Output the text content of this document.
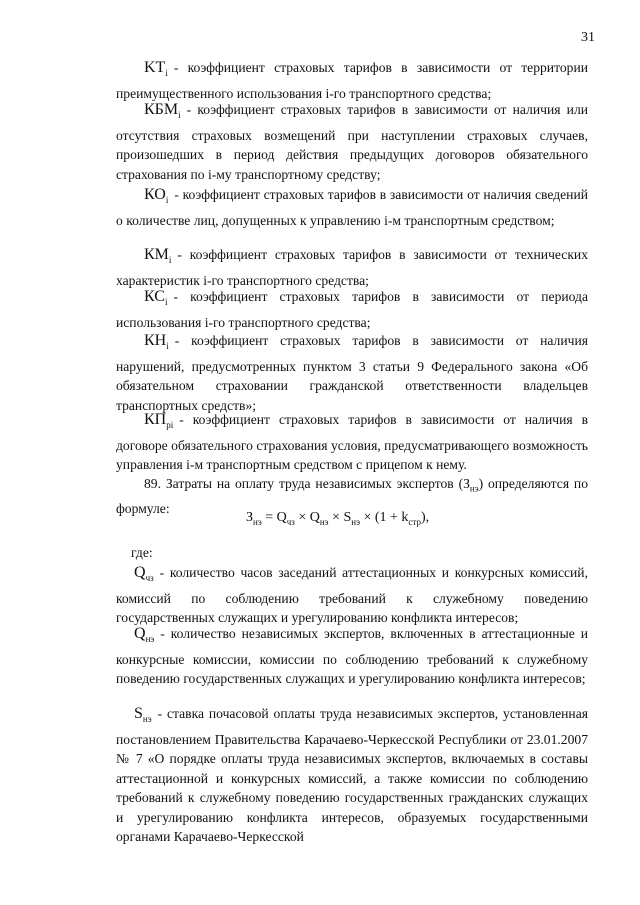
31

$KT_i$ - коэффициент страховых тарифов в зависимости от территории преимущественного использования i-го транспортного средства;

$КБМ_i$ - коэффициент страховых тарифов в зависимости от наличия или отсутствия страховых возмещений при наступлении страховых случаев, произошедших в период действия предыдущих договоров обязательного страхования по i-му транспортному средству;

$КО_i$ - коэффициент страховых тарифов в зависимости от наличия сведений о количестве лиц, допущенных к управлению i-м транспортным средством;

$КМ_i$ - коэффициент страховых тарифов в зависимости от технических характеристик i-го транспортного средства;

$КС_i$ - коэффициент страховых тарифов в зависимости от периода использования i-го транспортного средства;

$КН_i$ - коэффициент страховых тарифов в зависимости от наличия нарушений, предусмотренных пунктом 3 статьи 9 Федерального закона «Об обязательном страховании гражданской ответственности владельцев транспортных средств»;

$КП_{pi}$ - коэффициент страховых тарифов в зависимости от наличия в договоре обязательного страхования условия, предусматривающего возможность управления i-м транспортным средством с прицепом к нему.

89. Затраты на оплату труда независимых экспертов $(З_{нэ})$ определяются по формуле:

$З_{нэ} = Q_{чз} \times Q_{нэ} \times S_{нэ} \times (1 + k_{стр})$,
где:

$Q_{чз}$ - количество часов заседаний аттестационных и конкурсных комиссий, комиссий по соблюдению требований к служебному поведению государственных служащих и урегулированию конфликта интересов;

$Q_{нэ}$ - количество независимых экспертов, включенных в аттестационные и конкурсные комиссии, комиссии по соблюдению требований к служебному поведению государственных служащих и урегулированию конфликта интересов;

$S_{нэ}$ - ставка почасовой оплаты труда независимых экспертов, установленная постановлением Правительства Карачаево-Черкесской Республики от 23.01.2007 № 7 «О порядке оплаты труда независимых экспертов, включаемых в составы аттестационной и конкурсных комиссий, а также комиссии по соблюдению требований к служебному поведению государственных гражданских служащих и урегулированию конфликта интересов, образуемых государственными органами Карачаево-Черкесской
